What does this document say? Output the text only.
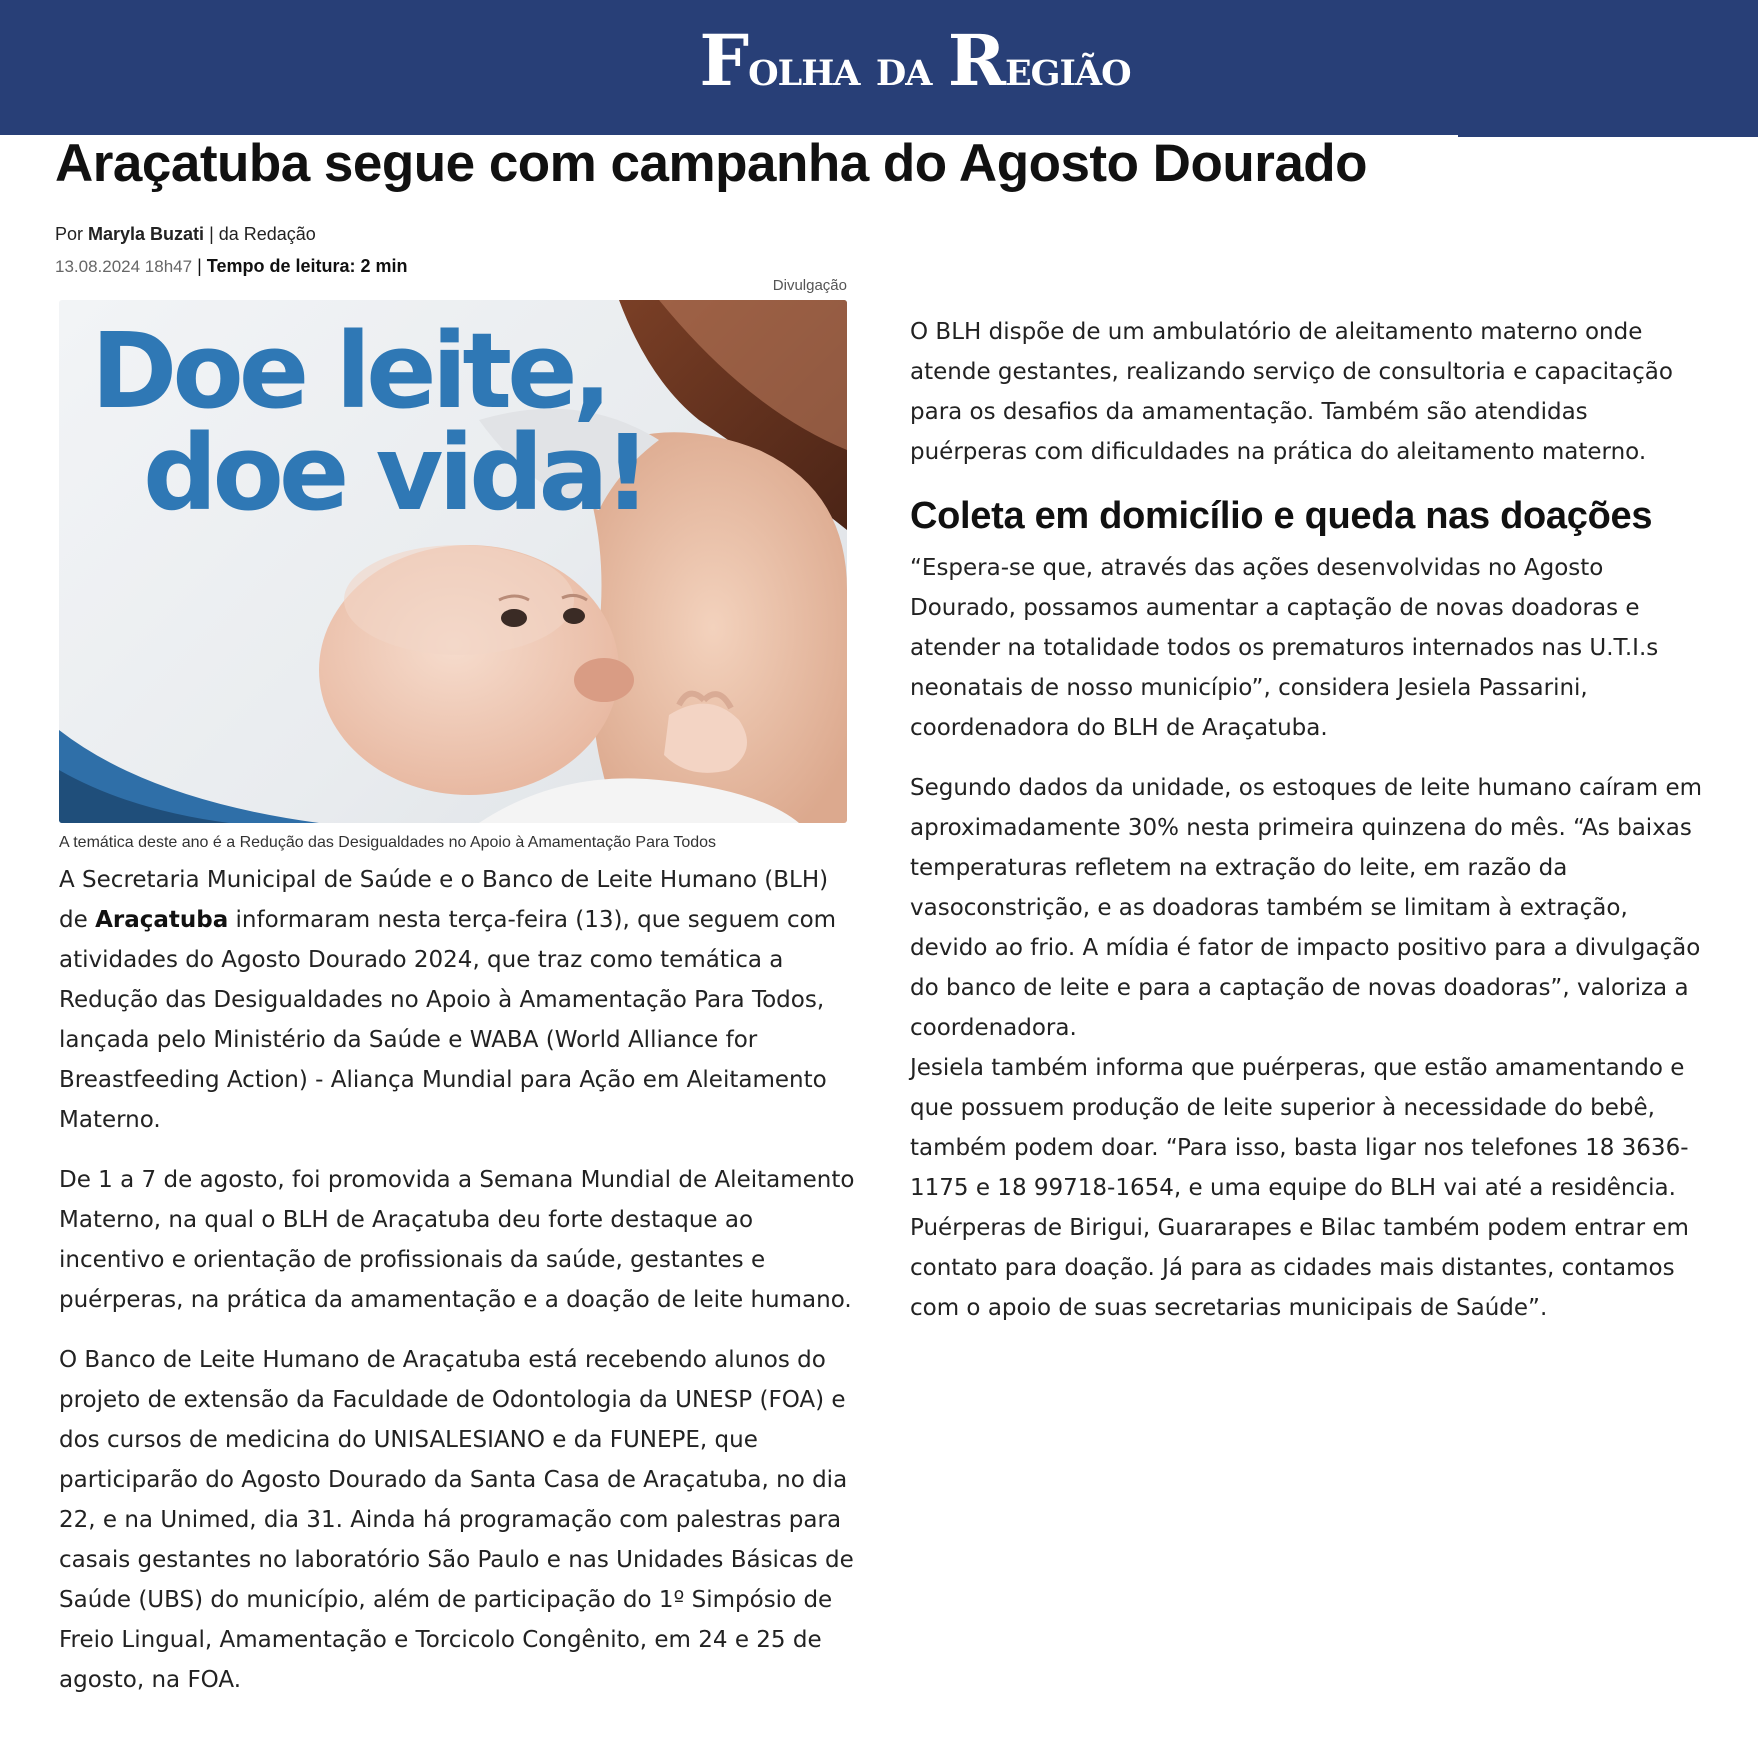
Folha da Região
Araçatuba segue com campanha do Agosto Dourado
Por Maryla Buzati | da Redação
13.08.2024 18h47 | Tempo de leitura: 2 min
Divulgação
Doe leite,
doe vida!
A temática deste ano é a Redução das Desigualdades no Apoio à Amamentação Para Todos

A Secretaria Municipal de Saúde e o Banco de Leite Humano (BLH) de Araçatuba informaram nesta terça-feira (13), que seguem com atividades do Agosto Dourado 2024, que traz como temática a Redução das Desigualdades no Apoio à Amamentação Para Todos, lançada pelo Ministério da Saúde e WABA (World Alliance for Breastfeeding Action) - Aliança Mundial para Ação em Aleitamento Materno.

De 1 a 7 de agosto, foi promovida a Semana Mundial de Aleitamento Materno, na qual o BLH de Araçatuba deu forte destaque ao incentivo e orientação de profissionais da saúde, gestantes e puérperas, na prática da amamentação e a doação de leite humano.

O Banco de Leite Humano de Araçatuba está recebendo alunos do projeto de extensão da Faculdade de Odontologia da UNESP (FOA) e dos cursos de medicina do UNISALESIANO e da FUNEPE, que participarão do Agosto Dourado da Santa Casa de Araçatuba, no dia 22, e na Unimed, dia 31. Ainda há programação com palestras para casais gestantes no laboratório São Paulo e nas Unidades Básicas de Saúde (UBS) do município, além de participação do 1º Simpósio de Freio Lingual, Amamentação e Torcicolo Congênito, em 24 e 25 de agosto, na FOA.

O BLH dispõe de um ambulatório de aleitamento materno onde atende gestantes, realizando serviço de consultoria e capacitação para os desafios da amamentação. Também são atendidas puérperas com dificuldades na prática do aleitamento materno.

Coleta em domicílio e queda nas doações

“Espera-se que, através das ações desenvolvidas no Agosto Dourado, possamos aumentar a captação de novas doadoras e atender na totalidade todos os prematuros internados nas U.T.I.s neonatais de nosso município”, considera Jesiela Passarini, coordenadora do BLH de Araçatuba.

Segundo dados da unidade, os estoques de leite humano caíram em aproximadamente 30% nesta primeira quinzena do mês. “As baixas temperaturas refletem na extração do leite, em razão da vasoconstrição, e as doadoras também se limitam à extração, devido ao frio. A mídia é fator de impacto positivo para a divulgação do banco de leite e para a captação de novas doadoras”, valoriza a coordenadora.

Jesiela também informa que puérperas, que estão amamentando e que possuem produção de leite superior à necessidade do bebê, também podem doar. “Para isso, basta ligar nos telefones 18 3636-1175 e 18 99718-1654, e uma equipe do BLH vai até a residência. Puérperas de Birigui, Guararapes e Bilac também podem entrar em contato para doação. Já para as cidades mais distantes, contamos com o apoio de suas secretarias municipais de Saúde”.
